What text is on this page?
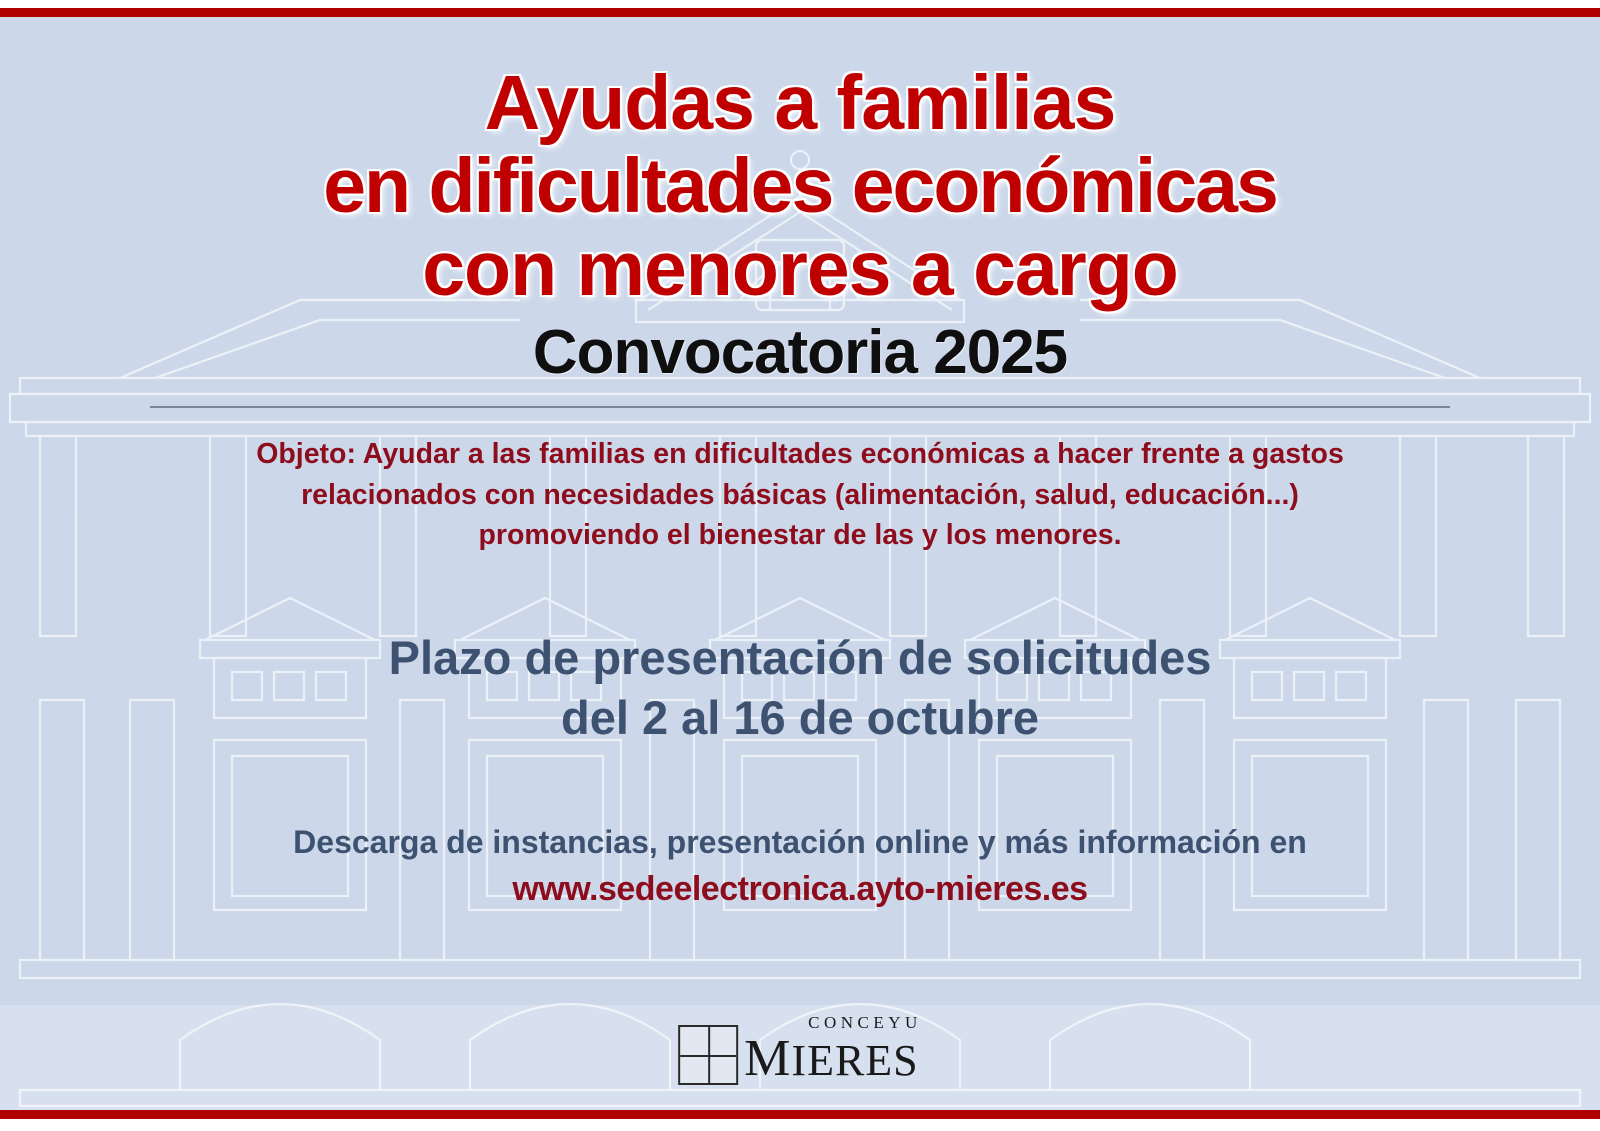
Ayudas a familias
en dificultades económicas
con menores a cargo
Convocatoria 2025
Objeto: Ayudar a las familias en dificultades económicas a hacer frente a gastos
relacionados con necesidades básicas (alimentación, salud, educación...)
promoviendo el bienestar de las y los menores.
Plazo de presentación de solicitudes
del 2 al 16 de octubre
Descarga de instancias, presentación online y más información en
www.sedeelectronica.ayto-mieres.es
CONCEYU
MIERES
